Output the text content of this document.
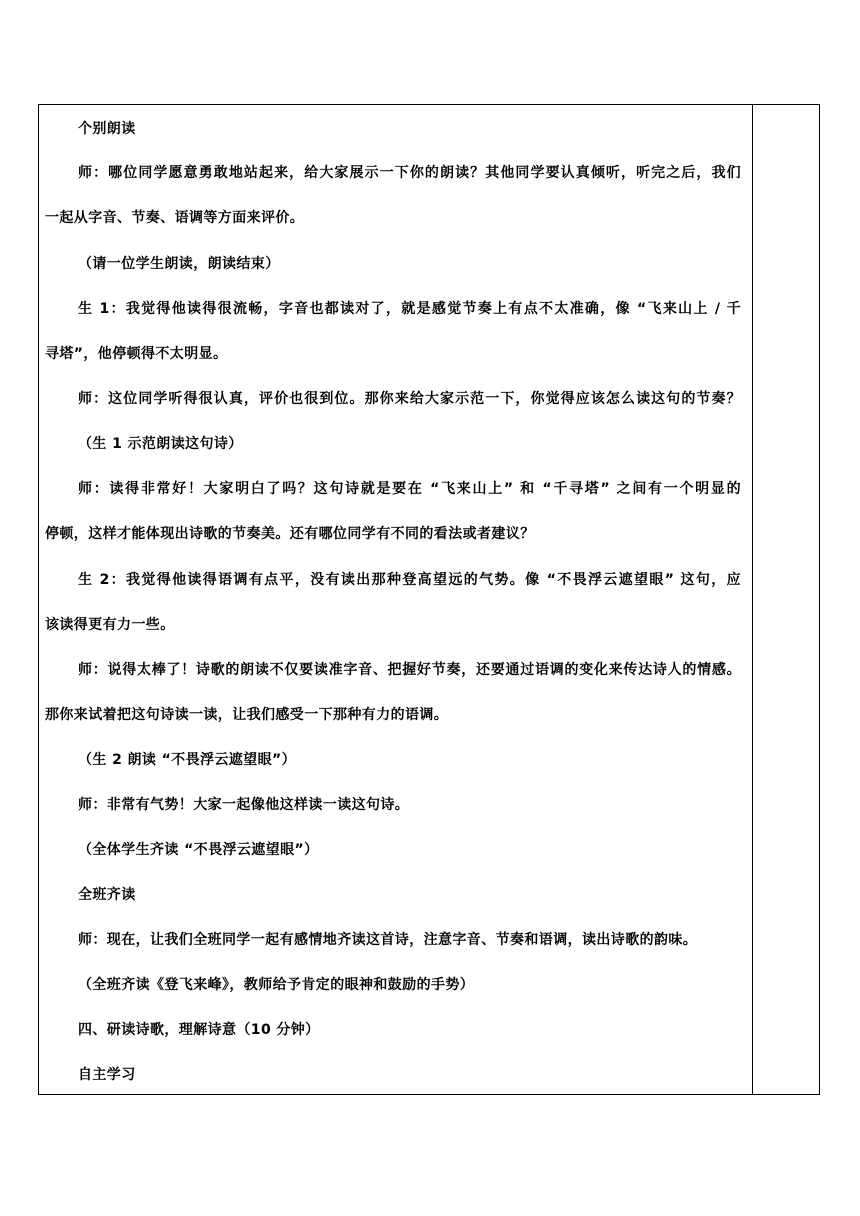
个别朗读
师：哪位同学愿意勇敢地站起来，给大家展示一下你的朗读？其他同学要认真倾听，听完之后，我们
一起从字音、节奏、语调等方面来评价。
（请一位学生朗读，朗读结束）
生 1：我觉得他读得很流畅，字音也都读对了，就是感觉节奏上有点不太准确，像 “飞来山上 / 千
寻塔”，他停顿得不太明显。
师：这位同学听得很认真，评价也很到位。那你来给大家示范一下，你觉得应该怎么读这句的节奏？
（生 1 示范朗读这句诗）
师：读得非常好！大家明白了吗？这句诗就是要在 “飞来山上” 和 “千寻塔” 之间有一个明显的
停顿，这样才能体现出诗歌的节奏美。还有哪位同学有不同的看法或者建议？
生 2：我觉得他读得语调有点平，没有读出那种登高望远的气势。像 “不畏浮云遮望眼” 这句，应
该读得更有力一些。
师：说得太棒了！诗歌的朗读不仅要读准字音、把握好节奏，还要通过语调的变化来传达诗人的情感。
那你来试着把这句诗读一读，让我们感受一下那种有力的语调。
（生 2 朗读 “不畏浮云遮望眼”）
师：非常有气势！大家一起像他这样读一读这句诗。
（全体学生齐读 “不畏浮云遮望眼”）
全班齐读
师：现在，让我们全班同学一起有感情地齐读这首诗，注意字音、节奏和语调，读出诗歌的韵味。
（全班齐读《登飞来峰》，教师给予肯定的眼神和鼓励的手势）
四、研读诗歌，理解诗意（10 分钟）
自主学习
